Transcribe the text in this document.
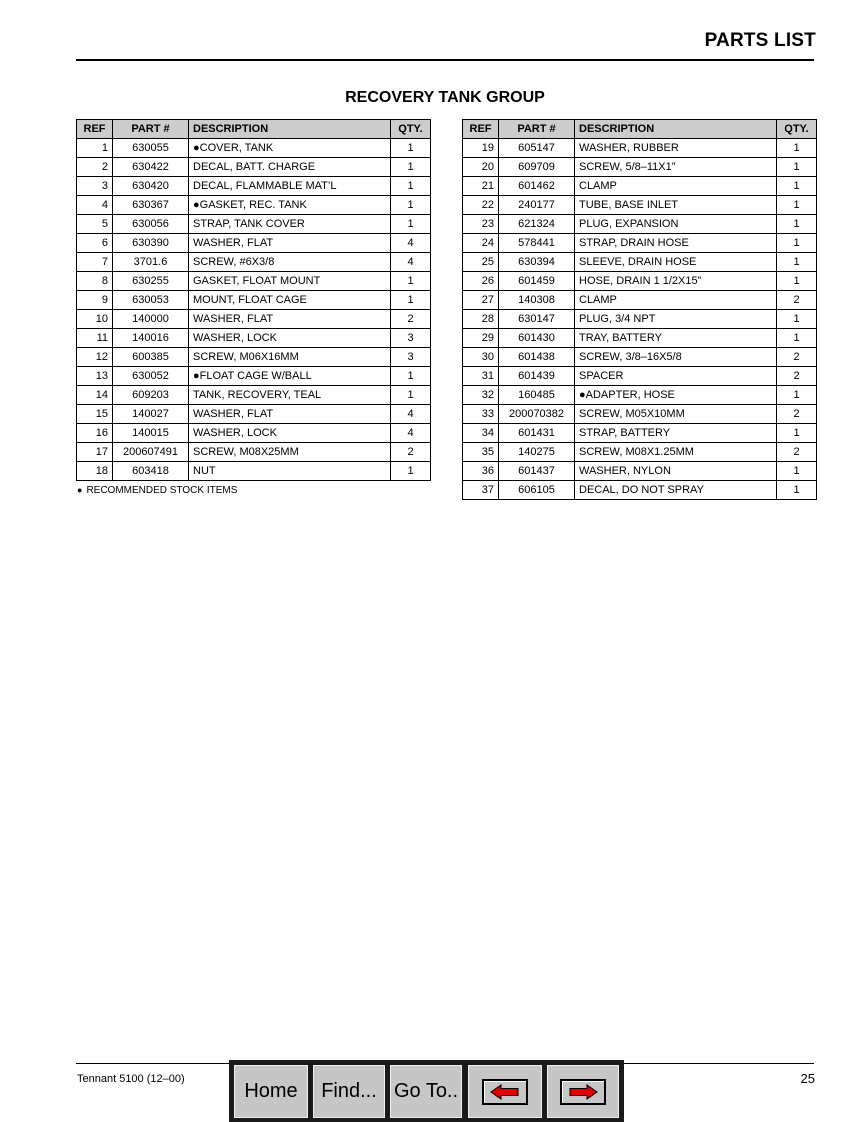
PARTS LIST
RECOVERY TANK GROUP
REF	PART #	DESCRIPTION	QTY.
1	630055	●COVER, TANK	1
2	630422	DECAL, BATT. CHARGE	1
3	630420	DECAL, FLAMMABLE MAT’L	1
4	630367	●GASKET, REC. TANK	1
5	630056	STRAP, TANK COVER	1
6	630390	WASHER, FLAT	4
7	3701.6	SCREW, #6X3/8	4
8	630255	GASKET, FLOAT MOUNT	1
9	630053	MOUNT, FLOAT CAGE	1
10	140000	WASHER, FLAT	2
11	140016	WASHER, LOCK	3
12	600385	SCREW, M06X16MM	3
13	630052	●FLOAT CAGE W/BALL	1
14	609203	TANK, RECOVERY, TEAL	1
15	140027	WASHER, FLAT	4
16	140015	WASHER, LOCK	4
17	200607491	SCREW, M08X25MM	2
18	603418	NUT	1
REF	PART #	DESCRIPTION	QTY.
19	605147	WASHER, RUBBER	1
20	609709	SCREW, 5/8–11X1”	1
21	601462	CLAMP	1
22	240177	TUBE, BASE INLET	1
23	621324	PLUG, EXPANSION	1
24	578441	STRAP, DRAIN HOSE	1
25	630394	SLEEVE, DRAIN HOSE	1
26	601459	HOSE, DRAIN 1 1/2X15”	1
27	140308	CLAMP	2
28	630147	PLUG, 3/4 NPT	1
29	601430	TRAY, BATTERY	1
30	601438	SCREW, 3/8–16X5/8	2
31	601439	SPACER	2
32	160485	●ADAPTER, HOSE	1
33	200070382	SCREW, M05X10MM	2
34	601431	STRAP, BATTERY	1
35	140275	SCREW, M08X1.25MM	2
36	601437	WASHER, NYLON	1
37	606105	DECAL, DO NOT SPRAY	1
● RECOMMENDED STOCK ITEMS
Tennant 5100 (12–00)	25
Home	Find... Go To..
